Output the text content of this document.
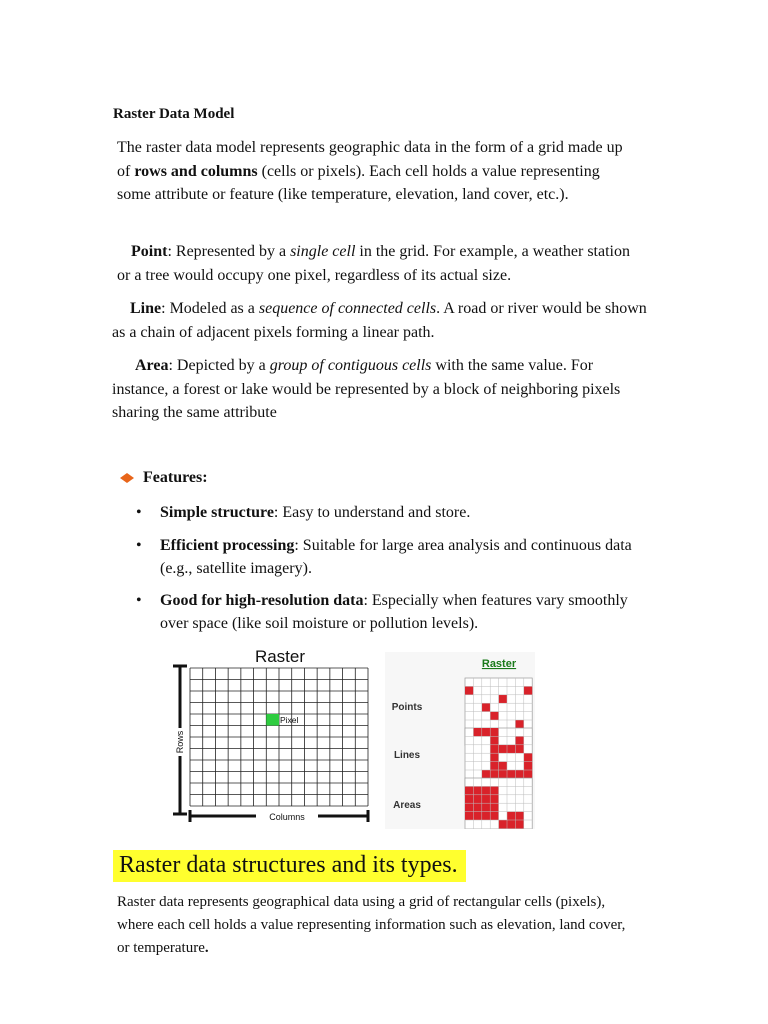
Raster Data Model
The raster data model represents geographic data in the form of a grid made up of rows and columns (cells or pixels). Each cell holds a value representing some attribute or feature (like temperature, elevation, land cover, etc.).
Point: Represented by a single cell in the grid. For example, a weather station or a tree would occupy one pixel, regardless of its actual size.
Line: Modeled as a sequence of connected cells. A road or river would be shown as a chain of adjacent pixels forming a linear path.
Area: Depicted by a group of contiguous cells with the same value. For instance, a forest or lake would be represented by a block of neighboring pixels sharing the same attribute
Features:
• Simple structure: Easy to understand and store.
• Efficient processing: Suitable for large area analysis and continuous data (e.g., satellite imagery).
• Good for high-resolution data: Especially when features vary smoothly over space (like soil moisture or pollution levels).
Raster
Pixel
Rows
Columns
Raster
Points
Lines
Areas
Raster data structures and its types.
Raster data represents geographical data using a grid of rectangular cells (pixels), where each cell holds a value representing information such as elevation, land cover, or temperature.
